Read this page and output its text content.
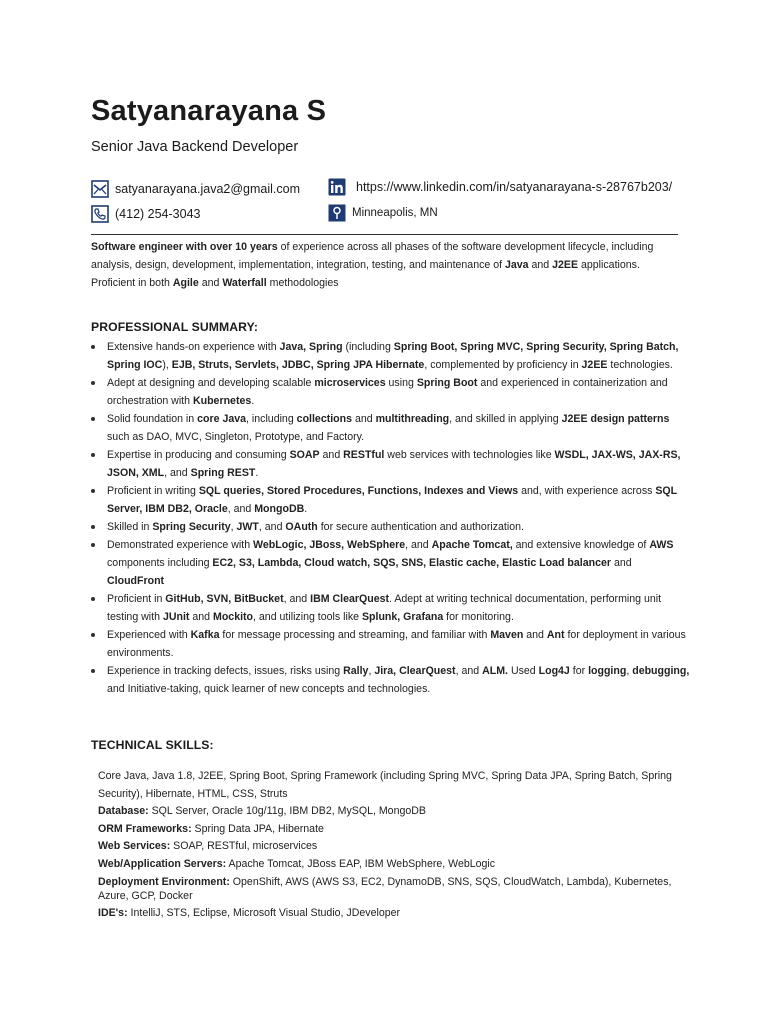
Satyanarayana S
Senior Java Backend Developer
satyanarayana.java2@gmail.com
(412) 254-3043
https://www.linkedin.com/in/satyanarayana-s-28767b203/
Minneapolis, MN
Software engineer with over 10 years of experience across all phases of the software development lifecycle, including analysis, design, development, implementation, integration, testing, and maintenance of Java and J2EE applications. Proficient in both Agile and Waterfall methodologies
PROFESSIONAL SUMMARY:
Extensive hands-on experience with Java, Spring (including Spring Boot, Spring MVC, Spring Security, Spring Batch, Spring IOC), EJB, Struts, Servlets, JDBC, Spring JPA Hibernate, complemented by proficiency in J2EE technologies.
Adept at designing and developing scalable microservices using Spring Boot and experienced in containerization and orchestration with Kubernetes.
Solid foundation in core Java, including collections and multithreading, and skilled in applying J2EE design patterns such as DAO, MVC, Singleton, Prototype, and Factory.
Expertise in producing and consuming SOAP and RESTful web services with technologies like WSDL, JAX-WS, JAX-RS, JSON, XML, and Spring REST.
Proficient in writing SQL queries, Stored Procedures, Functions, Indexes and Views and, with experience across SQL Server, IBM DB2, Oracle, and MongoDB.
Skilled in Spring Security, JWT, and OAuth for secure authentication and authorization.
Demonstrated experience with WebLogic, JBoss, WebSphere, and Apache Tomcat, and extensive knowledge of AWS components including EC2, S3, Lambda, Cloud watch, SQS, SNS, Elastic cache, Elastic Load balancer and CloudFront
Proficient in GitHub, SVN, BitBucket, and IBM ClearQuest. Adept at writing technical documentation, performing unit testing with JUnit and Mockito, and utilizing tools like Splunk, Grafana for monitoring.
Experienced with Kafka for message processing and streaming, and familiar with Maven and Ant for deployment in various environments.
Experience in tracking defects, issues, risks using Rally, Jira, ClearQuest, and ALM. Used Log4J for logging, debugging, and Initiative-taking, quick learner of new concepts and technologies.
TECHNICAL SKILLS:
Core Java, Java 1.8, J2EE, Spring Boot, Spring Framework (including Spring MVC, Spring Data JPA, Spring Batch, Spring Security), Hibernate, HTML, CSS, Struts
Database: SQL Server, Oracle 10g/11g, IBM DB2, MySQL, MongoDB
ORM Frameworks: Spring Data JPA, Hibernate
Web Services: SOAP, RESTful, microservices
Web/Application Servers: Apache Tomcat, JBoss EAP, IBM WebSphere, WebLogic
Deployment Environment: OpenShift, AWS (AWS S3, EC2, DynamoDB, SNS, SQS, CloudWatch, Lambda), Kubernetes, Azure, GCP, Docker
IDE's: IntelliJ, STS, Eclipse, Microsoft Visual Studio, JDeveloper
